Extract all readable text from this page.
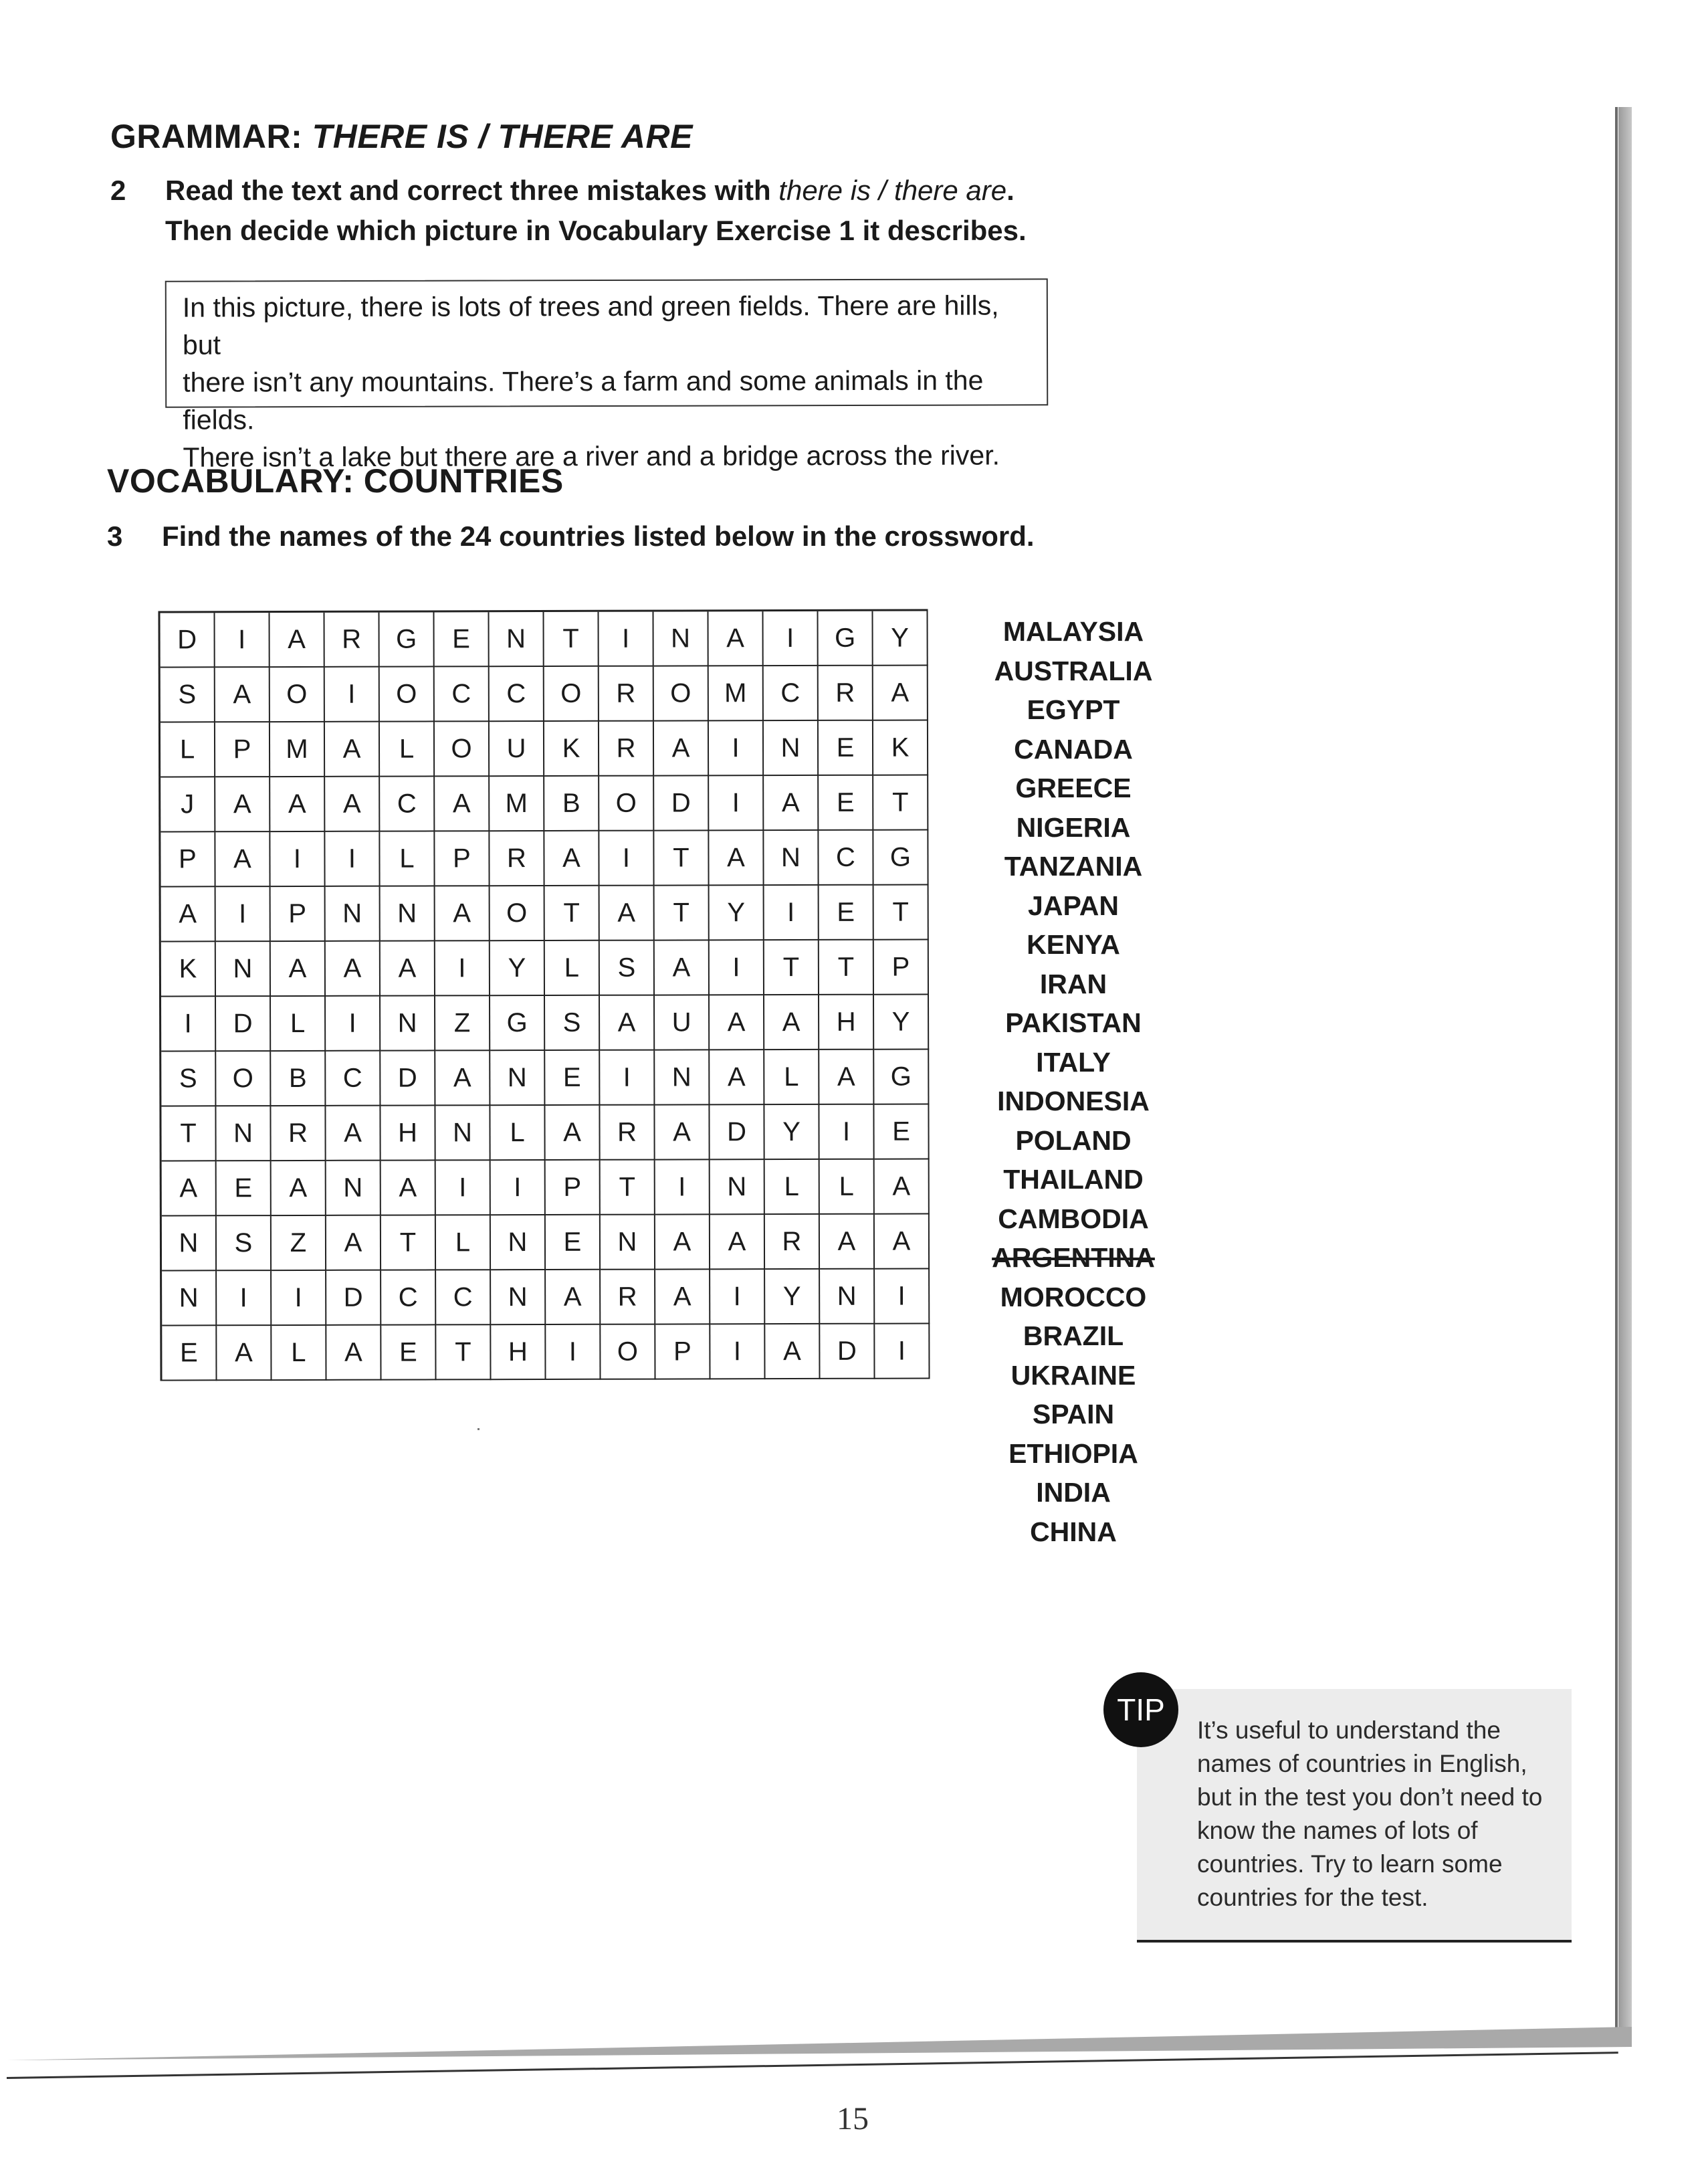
GRAMMAR: THERE IS / THERE ARE
2 Read the text and correct three mistakes with there is / there are.
Then decide which picture in Vocabulary Exercise 1 it describes.
In this picture, there is lots of trees and green fields. There are hills, but
there isn’t any mountains. There’s a farm and some animals in the fields.
There isn’t a lake but there are a river and a bridge across the river.
VOCABULARY: COUNTRIES
3 Find the names of the 24 countries listed below in the crossword.
D	I	A	R	G	E	N	T	I	N	A	I	G	Y
S	A	O	I	O	C	C	O	R	O	M	C	R	A
L	P	M	A	L	O	U	K	R	A	I	N	E	K
J	A	A	A	C	A	M	B	O	D	I	A	E	T
P	A	I	I	L	P	R	A	I	T	A	N	C	G
A	I	P	N	N	A	O	T	A	T	Y	I	E	T
K	N	A	A	A	I	Y	L	S	A	I	T	T	P
I	D	L	I	N	Z	G	S	A	U	A	A	H	Y
S	O	B	C	D	A	N	E	I	N	A	L	A	G
T	N	R	A	H	N	L	A	R	A	D	Y	I	E
A	E	A	N	A	I	I	P	T	I	N	L	L	A
N	S	Z	A	T	L	N	E	N	A	A	R	A	A
N	I	I	D	C	C	N	A	R	A	I	Y	N	I
E	A	L	A	E	T	H	I	O	P	I	A	D	I
MALAYSIA
AUSTRALIA
EGYPT
CANADA
GREECE
NIGERIA
TANZANIA
JAPAN
KENYA
IRAN
PAKISTAN
ITALY
INDONESIA
POLAND
THAILAND
CAMBODIA
ARGENTINA
MOROCCO
BRAZIL
UKRAINE
SPAIN
ETHIOPIA
INDIA
CHINA
TIP
It’s useful to understand the names of countries in English, but in the test you don’t need to know the names of lots of countries. Try to learn some countries for the test.
15
